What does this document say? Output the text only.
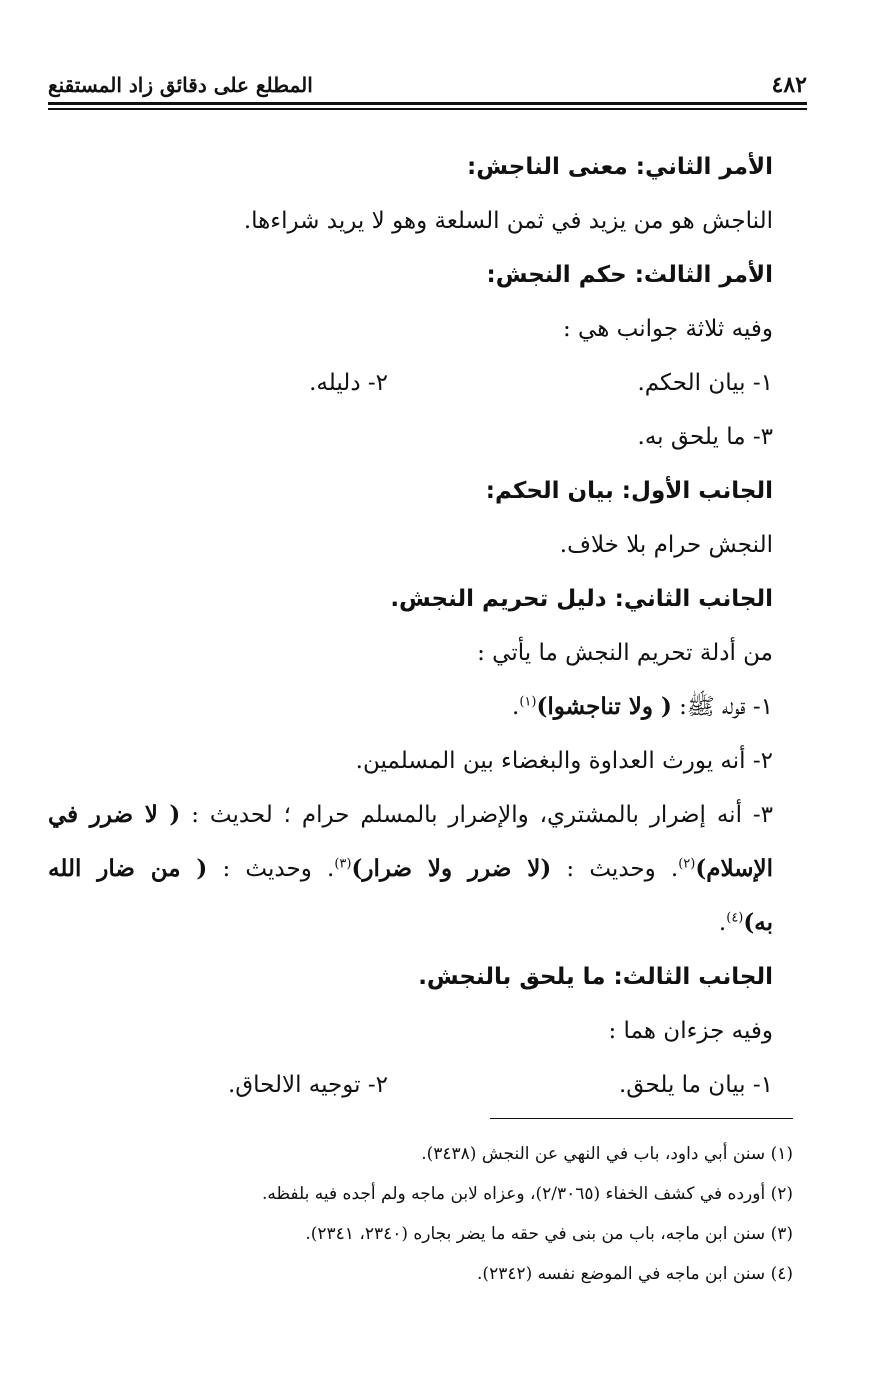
٤٨٢
المطلع على دقائق زاد المستقنع
الأمر الثاني: معنى الناجش:
الناجش هو من يزيد في ثمن السلعة وهو لا يريد شراءها.
الأمر الثالث: حكم النجش:
وفيه ثلاثة جوانب هي :
١- بيان الحكم.
٢- دليله.
٣- ما يلحق به.
الجانب الأول: بيان الحكم:
النجش حرام بلا خلاف.
الجانب الثاني: دليل تحريم النجش.
من أدلة تحريم النجش ما يأتي :
١- قوله ﷺ: ( ولا تناجشوا)$^{(١)}$.
٢- أنه يورث العداوة والبغضاء بين المسلمين.
٣- أنه إضرار بالمشتري، والإضرار بالمسلم حرام ؛ لحديث : ( لا ضرر في
الإسلام)$^{(٢)}$. وحديث : (لا ضرر ولا ضرار)$^{(٣)}$. وحديث : ( من ضار الله
به)$^{(٤)}$.
الجانب الثالث: ما يلحق بالنجش.
وفيه جزءان هما :
١- بيان ما يلحق.
٢- توجيه الالحاق.
(١) سنن أبي داود، باب في النهي عن النجش (٣٤٣٨).
(٢) أورده في كشف الخفاء (٢/٣٠٦٥)، وعزاه لابن ماجه ولم أجده فيه بلفظه.
(٣) سنن ابن ماجه، باب من بنى في حقه ما يضر بجاره (٢٣٤٠، ٢٣٤١).
(٤) سنن ابن ماجه في الموضع نفسه (٢٣٤٢).
